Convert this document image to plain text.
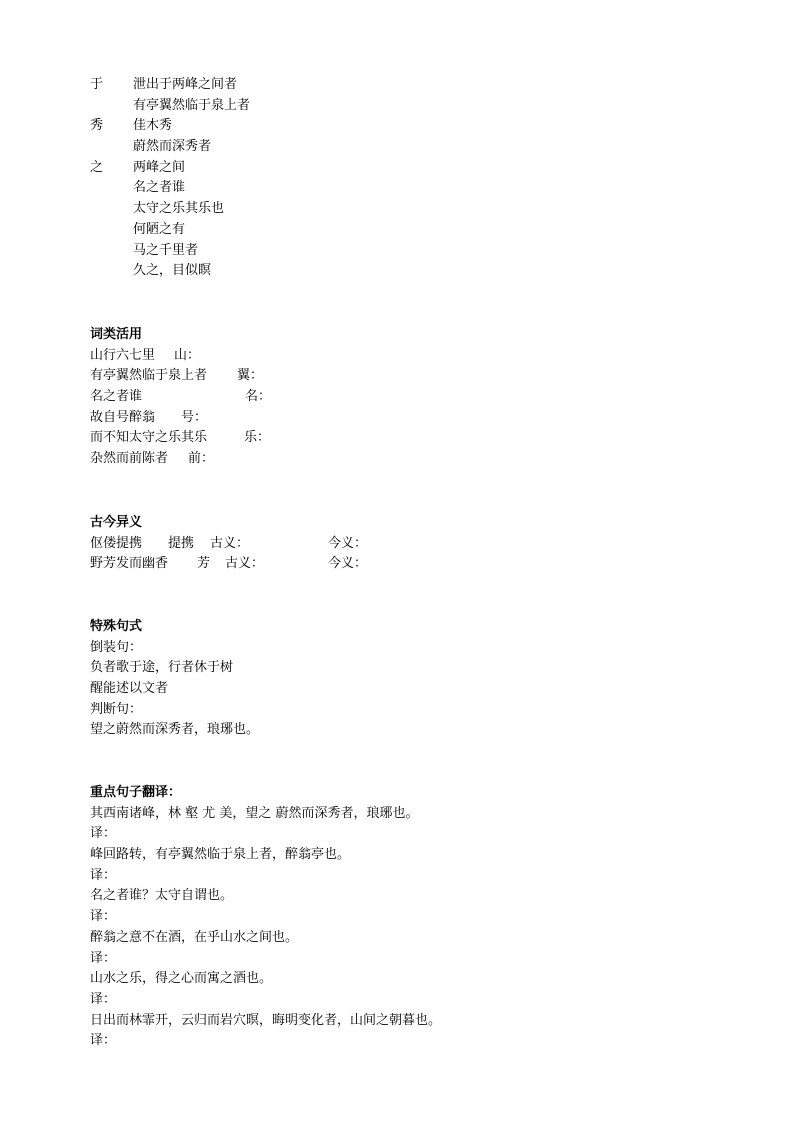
于 泄出于两峰之间者
有亭翼然临于泉上者
秀 佳木秀
蔚然而深秀者
之 两峰之间
名之者谁
太守之乐其乐也
何陋之有
马之千里者
久之，目似瞑
词类活用
山行六七里 山：
有亭翼然临于泉上者 翼：
名之者谁	名：
故自号醉翁 号：
而不知太守之乐其乐	乐：
杂然而前陈者 前：
古今异义
伛偻提携 提携 古义：	今义：
野芳发而幽香 芳 古义：	今义：
特殊句式
倒装句：
负者歌于途，行者休于树
醒能述以文者
判断句：
望之蔚然而深秀者，琅琊也。
重点句子翻译：
其西南诸峰，林 壑 尤 美，望之 蔚然而深秀者，琅琊也。
译：
峰回路转，有亭翼然临于泉上者，醉翁亭也。
译：
名之者谁？太守自谓也。
译：
醉翁之意不在酒，在乎山水之间也。
译：
山水之乐，得之心而寓之酒也。
译：
日出而林霏开，云归而岩穴暝，晦明变化者，山间之朝暮也。
译：
